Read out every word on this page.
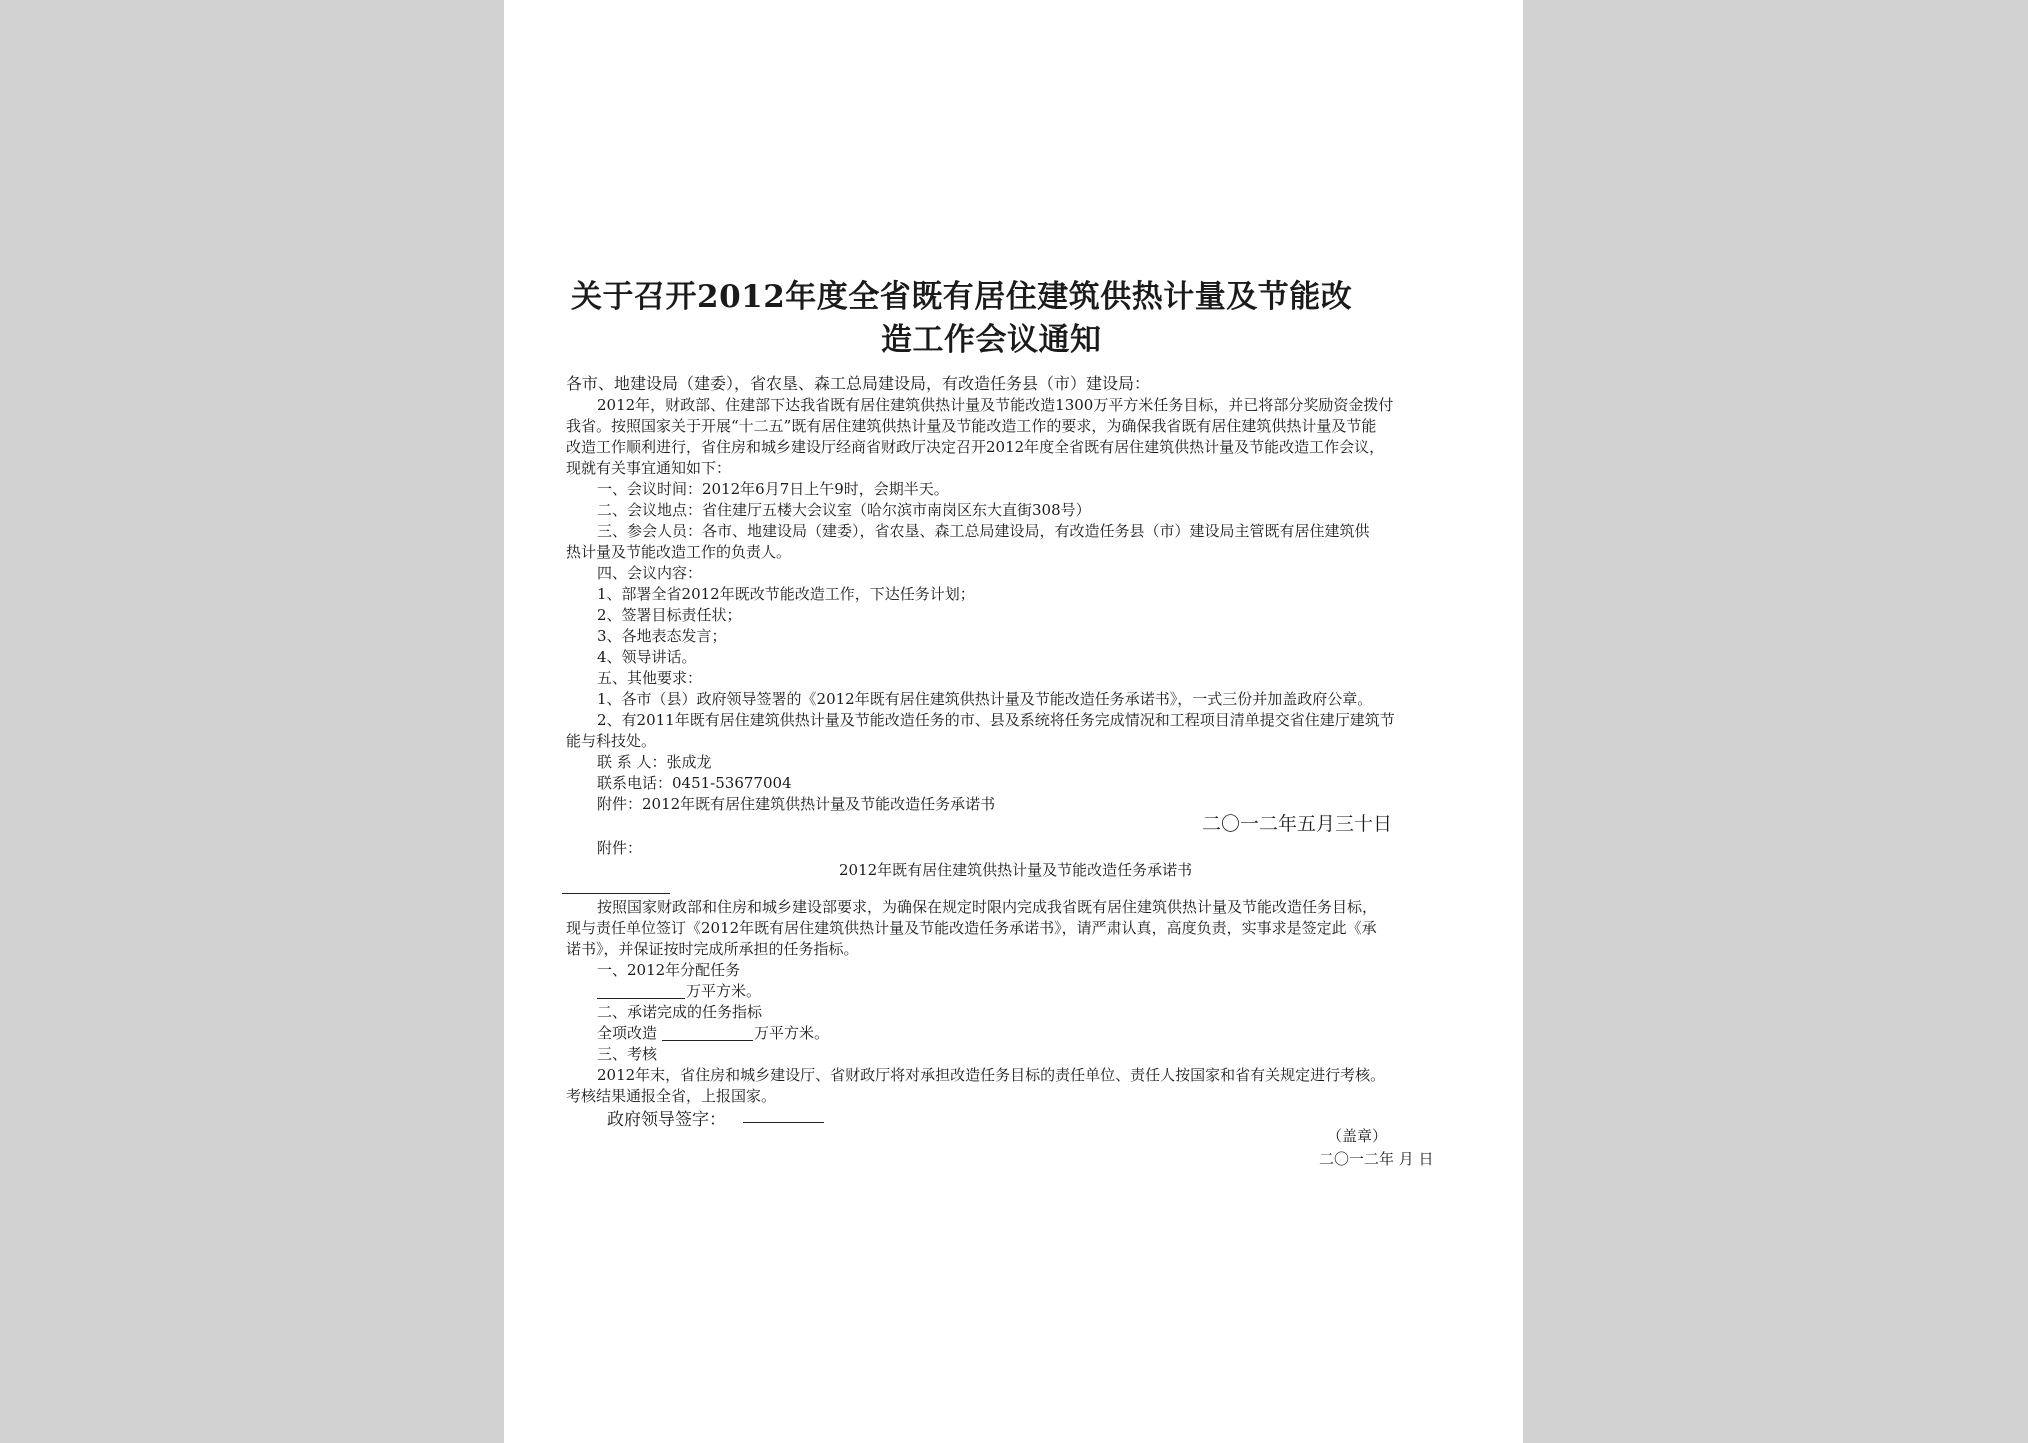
关于召开2012年度全省既有居住建筑供热计量及节能改
造工作会议通知
各市、地建设局（建委），省农垦、森工总局建设局，有改造任务县（市）建设局：
2012年，财政部、住建部下达我省既有居住建筑供热计量及节能改造1300万平方米任务目标，并已将部分奖励资金拨付
我省。按照国家关于开展“十二五”既有居住建筑供热计量及节能改造工作的要求，为确保我省既有居住建筑供热计量及节能
改造工作顺利进行，省住房和城乡建设厅经商省财政厅决定召开2012年度全省既有居住建筑供热计量及节能改造工作会议，
现就有关事宜通知如下：
一、会议时间：2012年6月7日上午9时，会期半天。
二、会议地点：省住建厅五楼大会议室（哈尔滨市南岗区东大直街308号）
三、参会人员：各市、地建设局（建委），省农垦、森工总局建设局，有改造任务县（市）建设局主管既有居住建筑供
热计量及节能改造工作的负责人。
四、会议内容：
1、部署全省2012年既改节能改造工作，下达任务计划；
2、签署目标责任状；
3、各地表态发言；
4、领导讲话。
五、其他要求：
1、各市（县）政府领导签署的《2012年既有居住建筑供热计量及节能改造任务承诺书》，一式三份并加盖政府公章。
2、有2011年既有居住建筑供热计量及节能改造任务的市、县及系统将任务完成情况和工程项目清单提交省住建厅建筑节
能与科技处。
联 系 人：张成龙
联系电话：0451-53677004
附件：2012年既有居住建筑供热计量及节能改造任务承诺书
二〇一二年五月三十日
附件：
2012年既有居住建筑供热计量及节能改造任务承诺书
按照国家财政部和住房和城乡建设部要求，为确保在规定时限内完成我省既有居住建筑供热计量及节能改造任务目标，
现与责任单位签订《2012年既有居住建筑供热计量及节能改造任务承诺书》，请严肃认真，高度负责，实事求是签定此《承
诺书》，并保证按时完成所承担的任务指标。
一、2012年分配任务
万平方米。
二、承诺完成的任务指标
全项改造	万平方米。
三、考核
2012年末，省住房和城乡建设厅、省财政厅将对承担改造任务目标的责任单位、责任人按国家和省有关规定进行考核。
考核结果通报全省，上报国家。
政府领导签字：
（盖章）
二〇一二年 月 日
